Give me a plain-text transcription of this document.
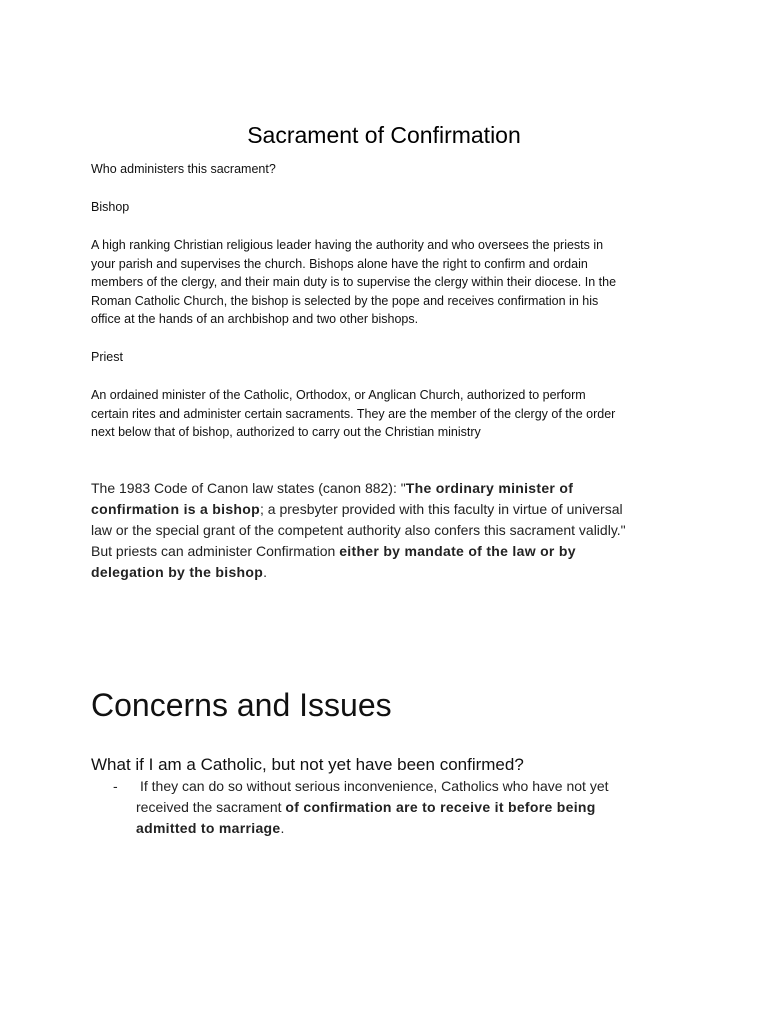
Sacrament of Confirmation
Who administers this sacrament?
Bishop
A high ranking Christian religious leader having the authority and who oversees the priests in
your parish and supervises the church. Bishops alone have the right to confirm and ordain
members of the clergy, and their main duty is to supervise the clergy within their diocese. In the
Roman Catholic Church, the bishop is selected by the pope and receives confirmation in his
office at the hands of an archbishop and two other bishops.
Priest
An ordained minister of the Catholic, Orthodox, or Anglican Church, authorized to perform
certain rites and administer certain sacraments. They are the member of the clergy of the order
next below that of bishop, authorized to carry out the Christian ministry
The 1983 Code of Canon law states (canon 882): "The ordinary minister of
confirmation is a bishop; a presbyter provided with this faculty in virtue of universal
law or the special grant of the competent authority also confers this sacrament validly."
But priests can administer Confirmation either by mandate of the law or by
delegation by the bishop.
Concerns and Issues
What if I am a Catholic, but not yet have been confirmed?
- If they can do so without serious inconvenience, Catholics who have not yet
received the sacrament of confirmation are to receive it before being
admitted to marriage.
